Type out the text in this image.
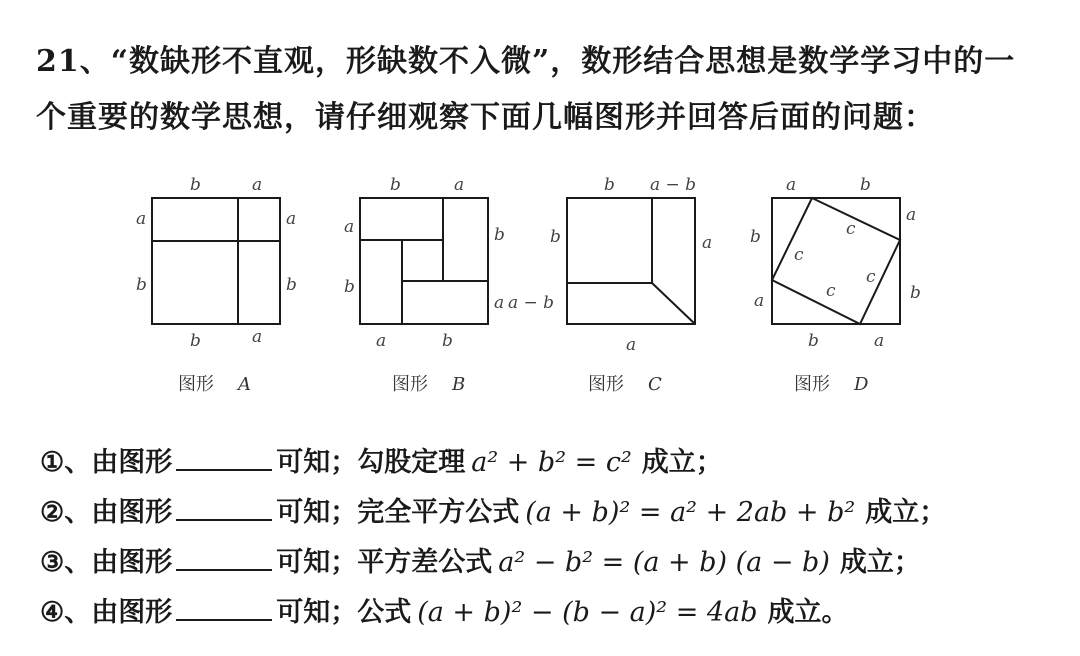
21、“数缺形不直观，形缺数不入微”，数形结合思想是数学学习中的一
个重要的数学思想，请仔细观察下面几幅图形并回答后面的问题：
b	a
a
b
a
b
b	a
图形 A
b	a
a
b
b
a
a	b
a − b
图形 B
b a − b
b	a
a
图形 C
a	b
a
b
c
c
c
c
a
b
b	a
图形 D
① 、由图形	可知；勾股定理 a² + b² = c² 成立；
② 、由图形	可知；完全平方公式 (a + b)² = a² + 2ab + b² 成立；
③ 、由图形	可知；平方差公式 a² − b² = (a + b) (a − b) 成立；
④ 、由图形	可知；公式 (a + b)² − (b − a)² = 4ab 成立。
